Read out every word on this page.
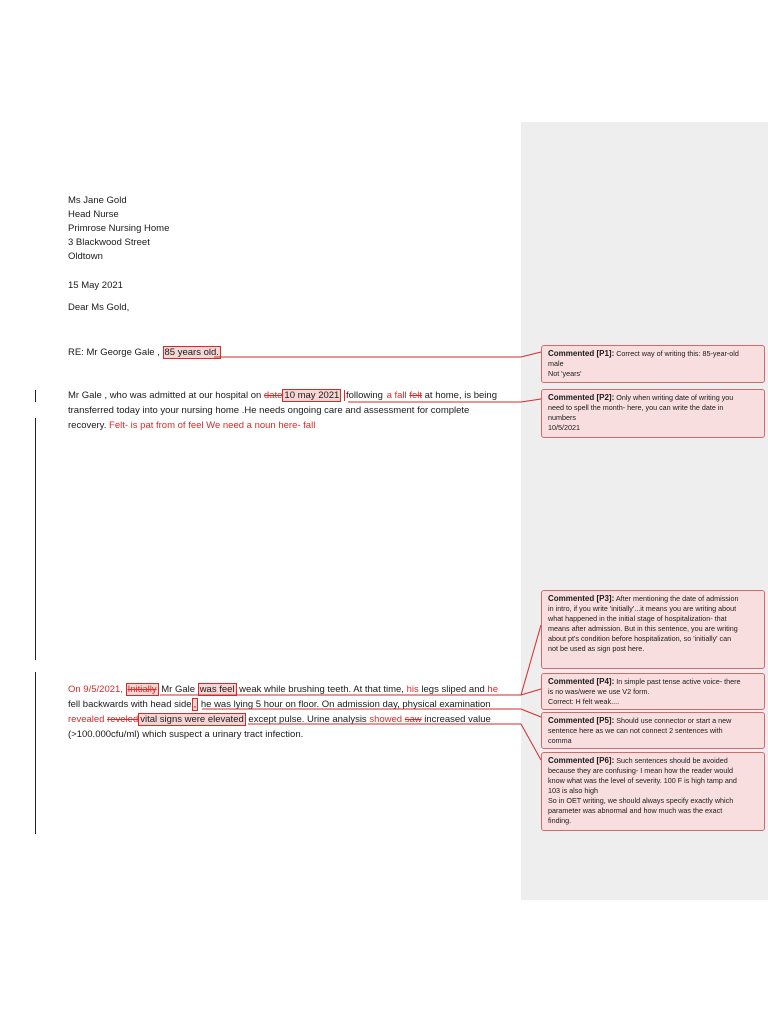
Ms Jane Gold
Head Nurse
Primrose Nursing Home
3 Blackwood Street
Oldtown
15 May 2021
Dear Ms Gold,
RE: Mr George Gale , 85 years old.
Mr Gale , who was admitted at our hospital on date 10 may 2021 following a fall felt at home, is being
transferred today into your nursing home .He needs ongoing care and assessment for complete
recovery. Felt- is pat from of feel We need a noun here- fall
On 9/5/2021, Initially Mr Gale was feel weak while brushing teeth. At that time, his legs sliped and he
fell backwards with head side , he was lying 5 hour on floor. On admission day, physical examination
revealed reveled vital signs were elevated except pulse. Urine analysis showed saw increased value
(>100.000cfu/ml) which suspect a urinary tract infection.
Commented [P1]: Correct way of writing this: 85-year-old
male
Not 'years'
Commented [P2]: Only when writing date of writing you
need to spell the month- here, you can write the date in
numbers
10/5/2021
Commented [P3]: After mentioning the date of admission
in intro, if you write 'initially'...it means you are writing about
what happened in the initial stage of hospitalization- that
means after admission. But in this sentence, you are writing
about pt's condition before hospitalization, so 'initially' can
not be used as sign post here.
Commented [P4]: In simple past tense active voice- there
is no was/were we use V2 form.
Correct: H felt weak....
Commented [P5]: Should use connector or start a new
sentence here as we can not connect 2 sentences with
comma
Commented [P6]: Such sentences should be avoided
because they are confusing- I mean how the reader would
know what was the level of severity. 100 F is high tamp and
103 is also high
So in OET writing, we should always specify exactly which
parameter was abnormal and how much was the exact
finding.
